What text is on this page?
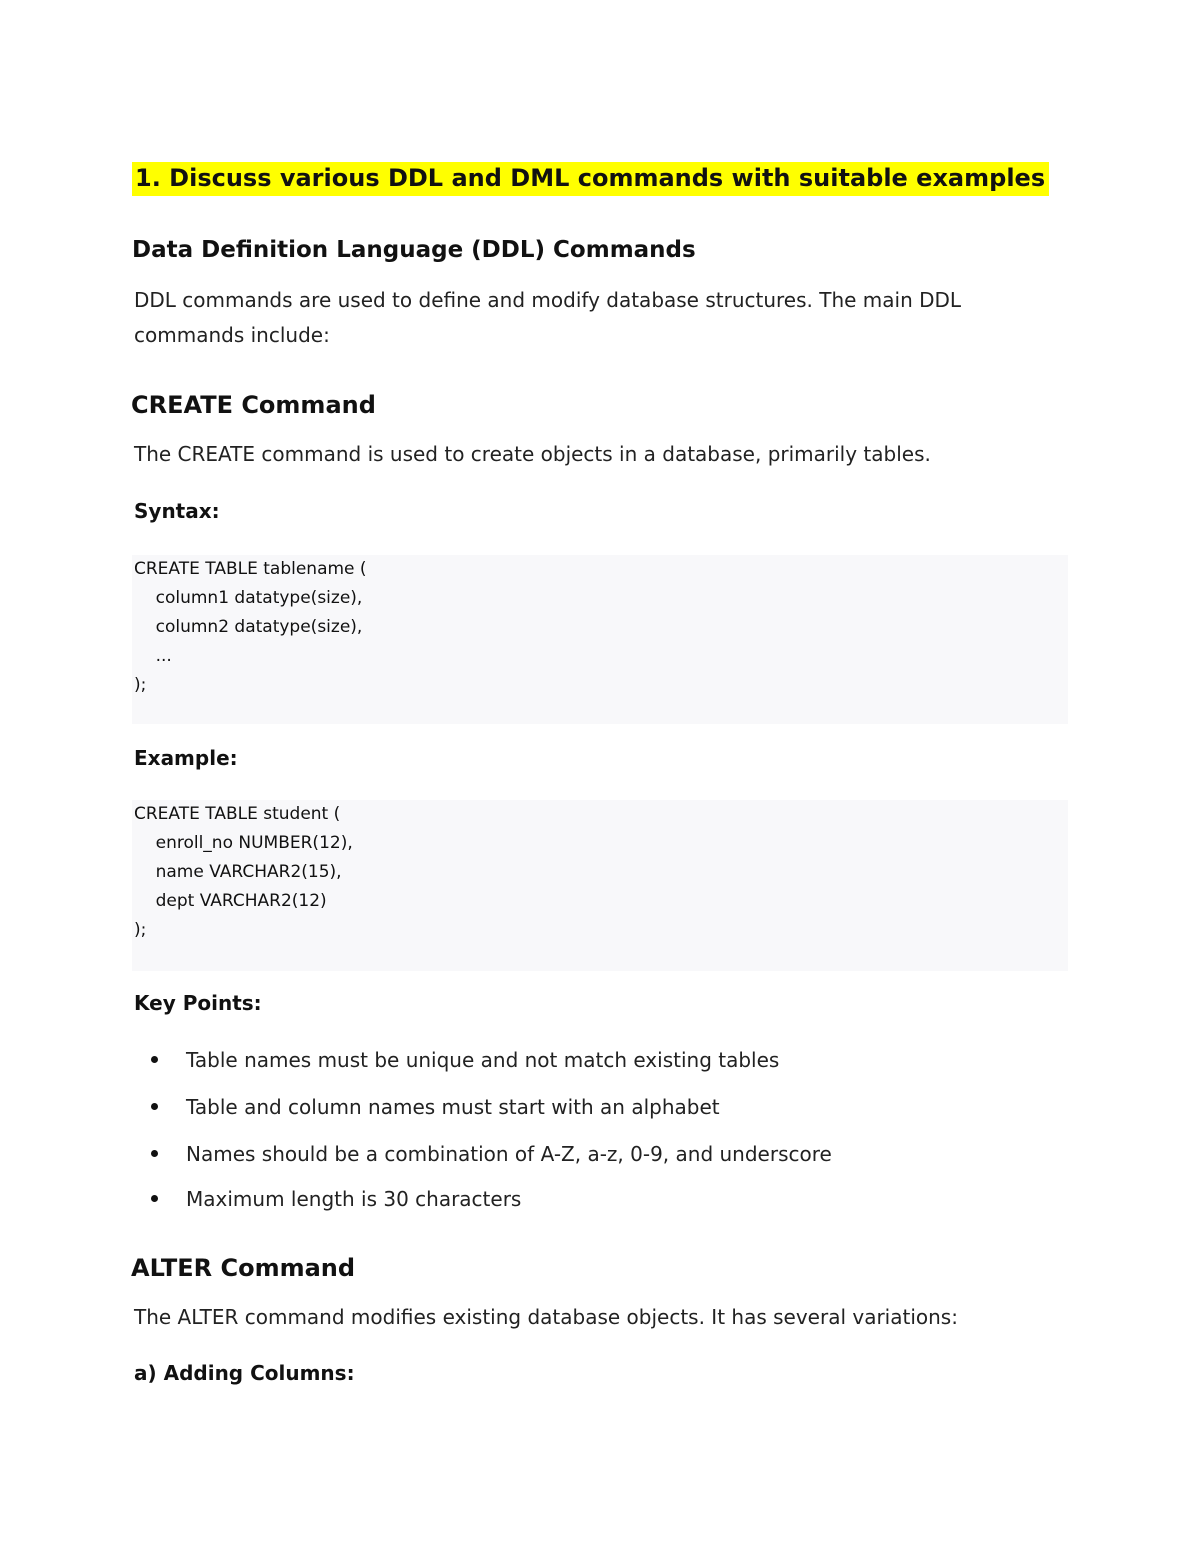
1. Discuss various DDL and DML commands with suitable examples
Data Definition Language (DDL) Commands
DDL commands are used to define and modify database structures. The main DDL
commands include:
CREATE Command
The CREATE command is used to create objects in a database, primarily tables.
Syntax:
CREATE TABLE tablename (
column1 datatype(size),
column2 datatype(size),
...
);
Example:
CREATE TABLE student (
enroll_no NUMBER(12),
name VARCHAR2(15),
dept VARCHAR2(12)
);
Key Points:
Table names must be unique and not match existing tables
Table and column names must start with an alphabet
Names should be a combination of A-Z, a-z, 0-9, and underscore
Maximum length is 30 characters
ALTER Command
The ALTER command modifies existing database objects. It has several variations:
a) Adding Columns:
